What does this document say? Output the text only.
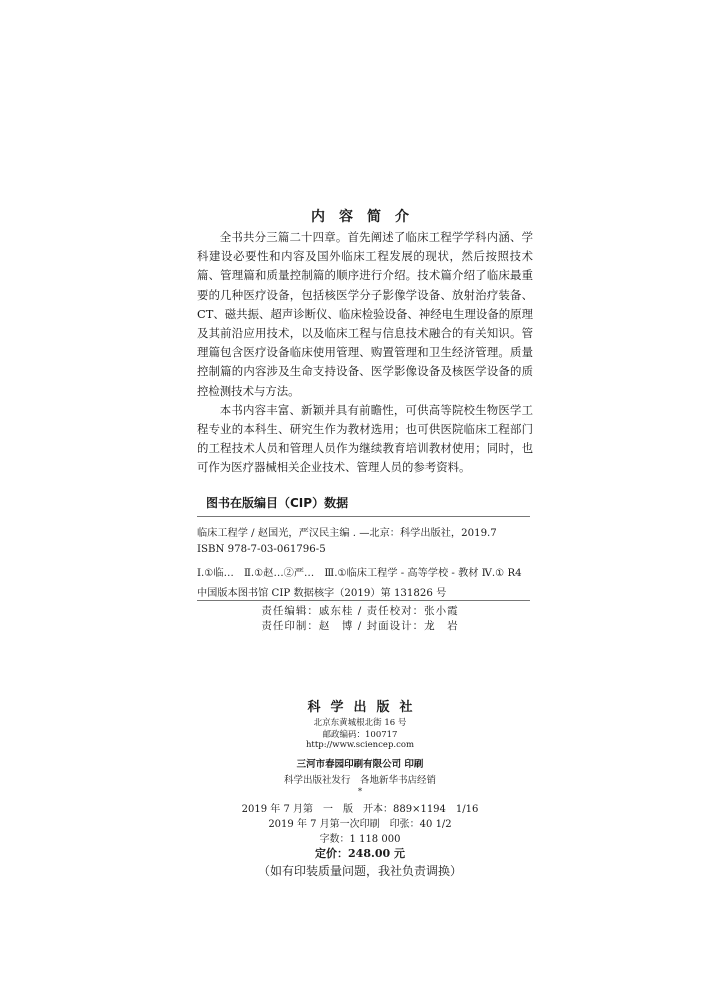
内容简介

全书共分三篇二十四章。首先阐述了临床工程学学科内涵、学科建设必要性和内容及国外临床工程发展的现状，然后按照技术篇、管理篇和质量控制篇的顺序进行介绍。技术篇介绍了临床最重要的几种医疗设备，包括核医学分子影像学设备、放射治疗装备、CT、磁共振、超声诊断仪、临床检验设备、神经电生理设备的原理及其前沿应用技术，以及临床工程与信息技术融合的有关知识。管理篇包含医疗设备临床使用管理、购置管理和卫生经济管理。质量控制篇的内容涉及生命支持设备、医学影像设备及核医学设备的质控检测技术与方法。

本书内容丰富、新颖并具有前瞻性，可供高等院校生物医学工程专业的本科生、研究生作为教材选用；也可供医院临床工程部门的工程技术人员和管理人员作为继续教育培训教材使用；同时，也可作为医疗器械相关企业技术、管理人员的参考资料。

图书在版编目（CIP）数据
临床工程学 / 赵国光，严汉民主编 . —北京：科学出版社，2019.7
ISBN 978-7-03-061796-5
Ⅰ.①临…　Ⅱ.①赵…②严…　Ⅲ.①临床工程学 - 高等学校 - 教材 Ⅳ.① R4
中国版本图书馆 CIP 数据核字（2019）第 131826 号
责任编辑：戚东桂 / 责任校对：张小霞
责任印制：赵　博 / 封面设计：龙　岩
科学出版社
北京东黄城根北街 16 号
邮政编码：100717
http://www.sciencep.com
三河市春园印刷有限公司 印刷
科学出版社发行　各地新华书店经销
*
2019 年 7 月第　一　版　开本：889×1194　1/16
2019 年 7 月第一次印刷　印张：40 1/2
字数：1 118 000
定价：248.00 元
（如有印装质量问题，我社负责调换）
